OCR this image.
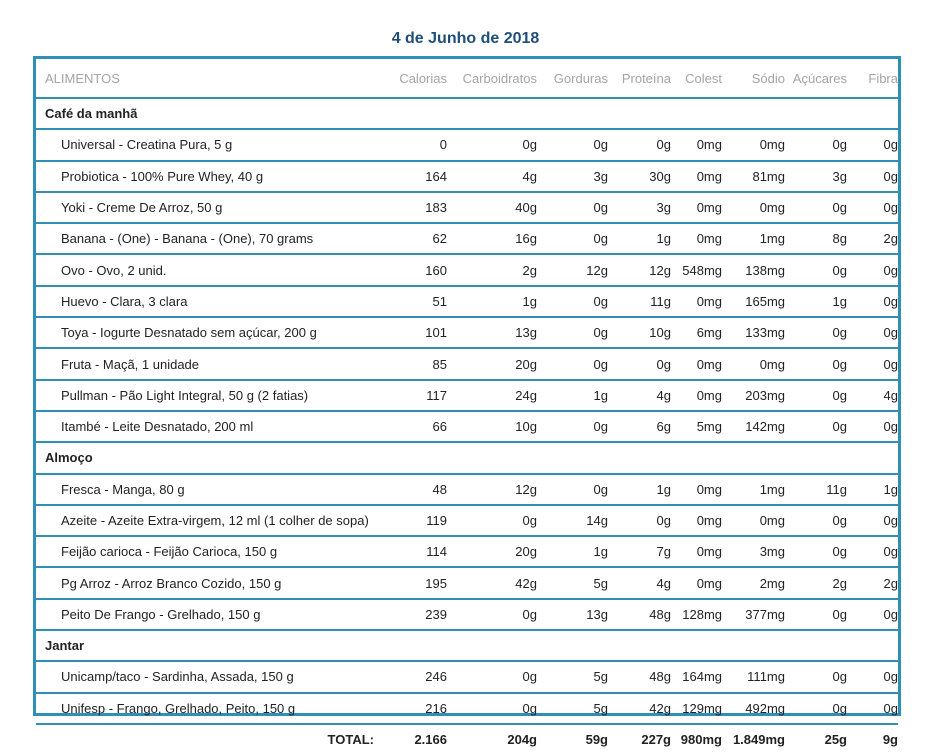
4 de Junho de 2018
ALIMENTOS	Calorias	Carboidratos	Gorduras	Proteína	Colest	Sódio	Açúcares	Fibra
Café da manhã								
Universal - Creatina Pura, 5 g	0	0g	0g	0g	0mg	0mg	0g	0g
Probiotica - 100% Pure Whey, 40 g	164	4g	3g	30g	0mg	81mg	3g	0g
Yoki - Creme De Arroz, 50 g	183	40g	0g	3g	0mg	0mg	0g	0g
Banana - (One) - Banana - (One), 70 grams	62	16g	0g	1g	0mg	1mg	8g	2g
Ovo - Ovo, 2 unid.	160	2g	12g	12g	548mg	138mg	0g	0g
Huevo - Clara, 3 clara	51	1g	0g	11g	0mg	165mg	1g	0g
Toya - Iogurte Desnatado sem açúcar, 200 g	101	13g	0g	10g	6mg	133mg	0g	0g
Fruta - Maçã, 1 unidade	85	20g	0g	0g	0mg	0mg	0g	0g
Pullman - Pão Light Integral, 50 g (2 fatias)	117	24g	1g	4g	0mg	203mg	0g	4g
Itambé - Leite Desnatado, 200 ml	66	10g	0g	6g	5mg	142mg	0g	0g
Almoço								
Fresca - Manga, 80 g	48	12g	0g	1g	0mg	1mg	11g	1g
Azeite - Azeite Extra-virgem, 12 ml (1 colher de sopa)	119	0g	14g	0g	0mg	0mg	0g	0g
Feijão carioca - Feijão Carioca, 150 g	114	20g	1g	7g	0mg	3mg	0g	0g
Pg Arroz - Arroz Branco Cozido, 150 g	195	42g	5g	4g	0mg	2mg	2g	2g
Peito De Frango - Grelhado, 150 g	239	0g	13g	48g	128mg	377mg	0g	0g
Jantar								
Unicamp/taco - Sardinha, Assada, 150 g	246	0g	5g	48g	164mg	111mg	0g	0g
Unifesp - Frango, Grelhado, Peito, 150 g	216	0g	5g	42g	129mg	492mg	0g	0g
TOTAL:	2.166	204g	59g	227g	980mg	1.849mg	25g	9g
